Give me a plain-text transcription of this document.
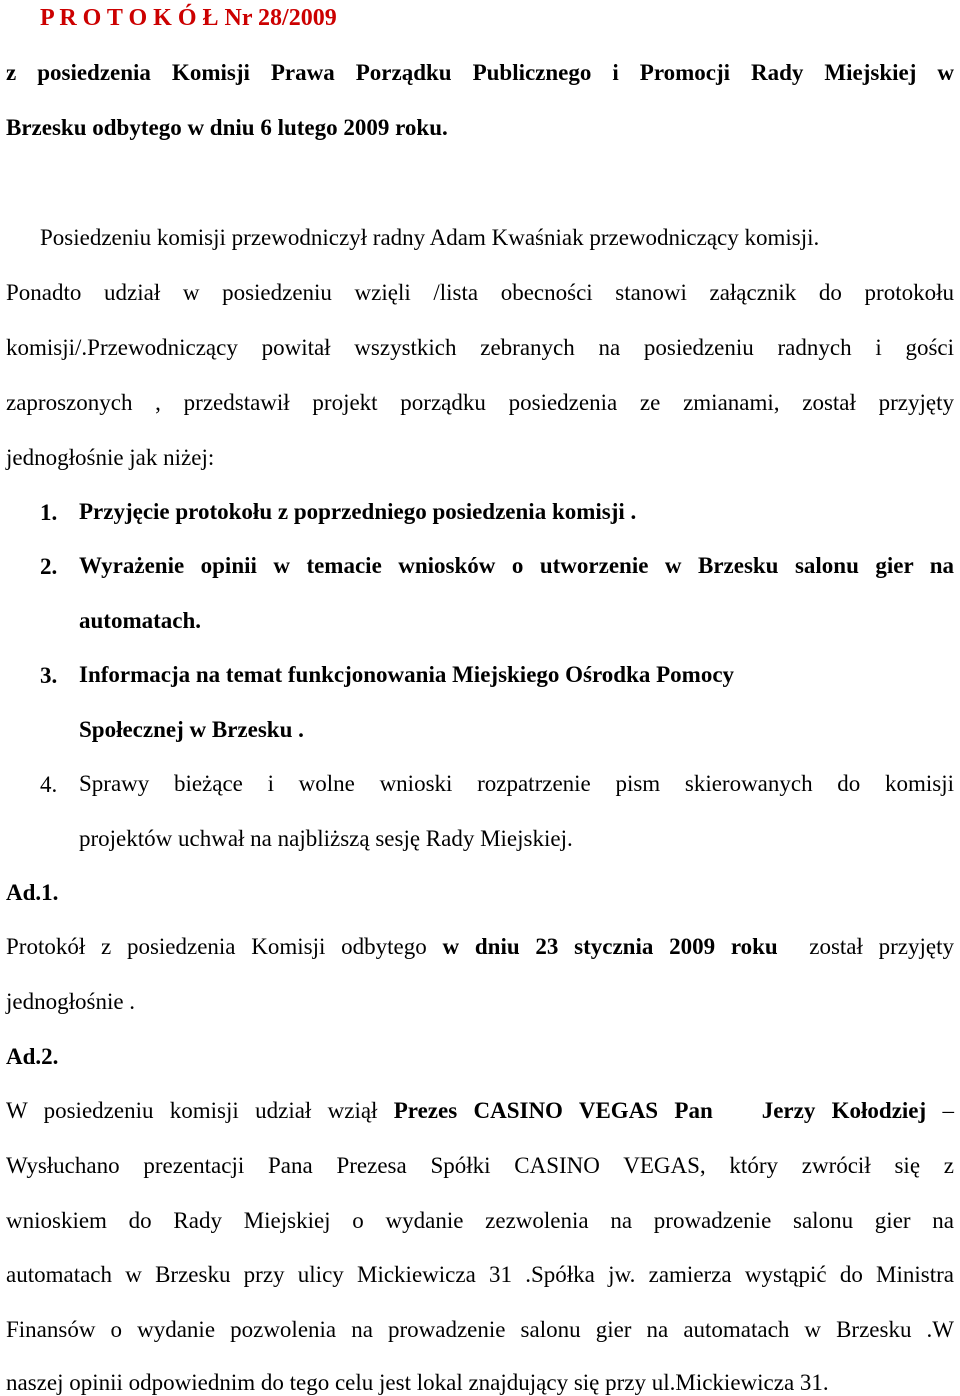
P R O T O K Ó Ł Nr 28/2009
z posiedzenia Komisji Prawa Porządku Publicznego i Promocji Rady Miejskiej w
Brzesku odbytego w dniu 6 lutego 2009 roku.
Posiedzeniu komisji przewodniczył radny Adam Kwaśniak przewodniczący komisji.
Ponadto udział w posiedzeniu wzięli /lista obecności stanowi załącznik do protokołu
komisji/.Przewodniczący powitał wszystkich zebranych na posiedzeniu radnych i gości
zaproszonych , przedstawił projekt porządku posiedzenia ze zmianami, został przyjęty
jednogłośnie jak niżej:
1. Przyjęcie protokołu z poprzedniego posiedzenia komisji .
2. Wyrażenie opinii w temacie wniosków o utworzenie w Brzesku salonu gier na
automatach.
3. Informacja na temat funkcjonowania Miejskiego Ośrodka Pomocy
Społecznej w Brzesku .
4. Sprawy bieżące i wolne wnioski rozpatrzenie pism skierowanych do komisji
projektów uchwał na najbliższą sesję Rady Miejskiej.
Ad.1.
Protokół z posiedzenia Komisji odbytego w dniu 23 stycznia 2009 roku  został przyjęty
jednogłośnie .
Ad.2.
W posiedzeniu komisji udział wziął Prezes CASINO VEGAS Pan   Jerzy Kołodziej –
Wysłuchano prezentacji Pana Prezesa Spółki CASINO VEGAS, który zwrócił się z
wnioskiem do Rady Miejskiej o wydanie zezwolenia na prowadzenie salonu gier na
automatach w Brzesku przy ulicy Mickiewicza 31 .Spółka jw. zamierza wystąpić do Ministra
Finansów o wydanie pozwolenia na prowadzenie salonu gier na automatach w Brzesku .W
naszej opinii odpowiednim do tego celu jest lokal znajdujący się przy ul.Mickiewicza 31.
